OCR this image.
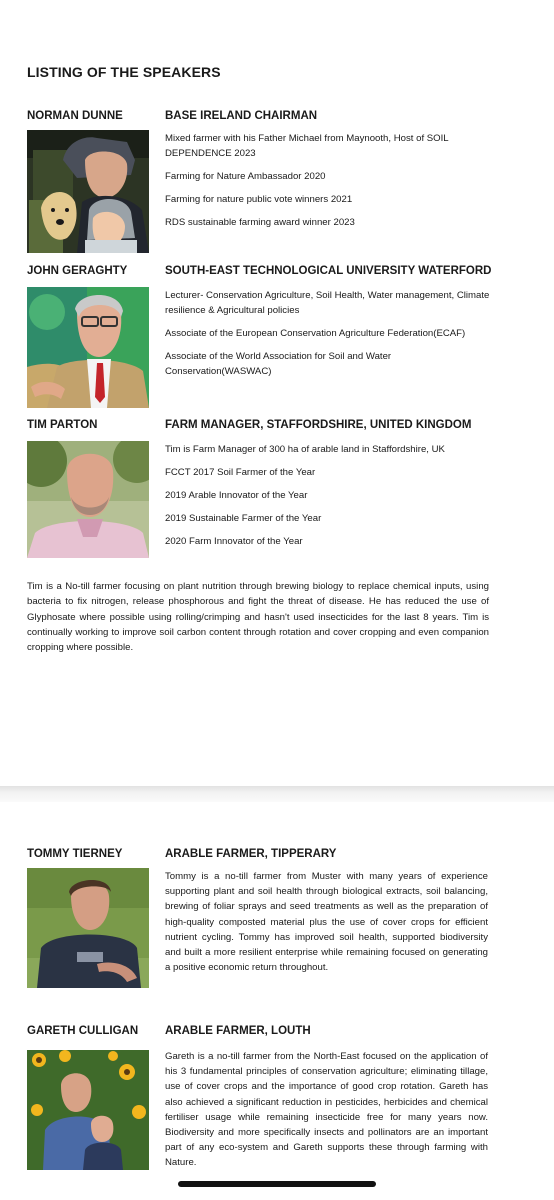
LISTING OF THE SPEAKERS
NORMAN DUNNE	BASE IRELAND CHAIRMAN

Mixed farmer with his Father Michael from Maynooth, Host of SOIL DEPENDENCE 2023

Farming for Nature Ambassador 2020

Farming for nature public vote winners 2021

RDS sustainable farming award winner 2023

JOHN GERAGHTY	SOUTH-EAST TECHNOLOGICAL UNIVERSITY WATERFORD

Lecturer- Conservation Agriculture, Soil Health, Water management, Climate resilience & Agricultural policies

Associate of the European Conservation Agriculture Federation(ECAF)

Associate of the World Association for Soil and Water Conservation(WASWAC)

TIM PARTON	FARM MANAGER, STAFFORDSHIRE, UNITED KINGDOM

Tim is Farm Manager of 300 ha of arable land in Staffordshire, UK

FCCT 2017 Soil Farmer of the Year

2019 Arable Innovator of the Year

2019 Sustainable Farmer of the Year

2020 Farm Innovator of the Year

Tim is a No-till farmer focusing on plant nutrition through brewing biology to replace chemical inputs, using bacteria to fix nitrogen, release phosphorous and fight the threat of disease. He has reduced the use of Glyphosate where possible using rolling/crimping and hasn't used insecticides for the last 8 years. Tim is continually working to improve soil carbon content through rotation and cover cropping and even companion cropping where possible.
TOMMY TIERNEY	ARABLE FARMER, TIPPERARY
Tommy is a no-till farmer from Muster with many years of experience supporting plant and soil health through biological extracts, soil balancing, brewing of foliar sprays and seed treatments as well as the preparation of high-quality composted material plus the use of cover crops for efficient nutrient cycling. Tommy has improved soil health, supported biodiversity and built a more resilient enterprise while remaining focused on generating a positive economic return throughout.
GARETH CULLIGAN ARABLE FARMER, LOUTH
Gareth is a no-till farmer from the North-East focused on the application of his 3 fundamental principles of conservation agriculture; eliminating tillage, use of cover crops and the importance of good crop rotation. Gareth has also achieved a significant reduction in pesticides, herbicides and chemical fertiliser usage while remaining insecticide free for many years now. Biodiversity and more specifically insects and pollinators are an important part of any eco-system and Gareth supports these through farming with Nature.
